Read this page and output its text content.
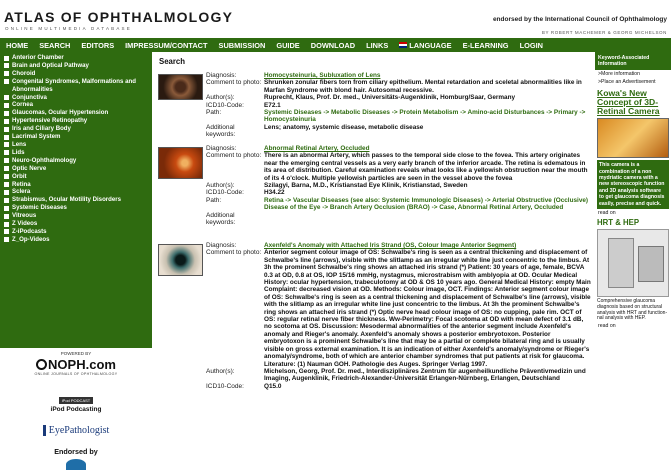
ATLAS OF OPHTHALMOLOGY
ONLINE MULTIMEDIA DATABASE
endorsed by the International Council of Ophthalmology
BY ROBERT MACHEMER & GEORG MICHELSON
HOME SEARCH EDITORS IMPRESSUM/CONTACT SUBMISSION GUIDE DOWNLOAD LINKS	LANGUAGE E-LEARNING LOGIN
Anterior Chamber
Brain and Optical Pathway
Choroid
Congenital Syndromes, Malformations and Abnormalities
Conjunctiva
Cornea
Glaucomas, Ocular Hypertension
Hypertensive Retinopathy
Iris and Ciliary Body
Lacrimal System
Lens
Lids
Neuro-Ophthalmology
Optic Nerve
Orbit
Retina
Sclera
Strabismus, Ocular Motility Disorders
Systemic Diseases
Vitreous
Z Videos
Z-iPodcasts
Z_Op-Videos
POWERED BY
NOPH.com
ONLINE JOURNALS OF OPHTHALMOLOGY
iPod PODCAST
iPod Podcasting
EyePathologist
Endorsed by
Search
Diagnosis:	Homocysteinuria, Subluxation of Lens
Comment to photo: Shrunken zonular fibers torn from ciliary epithelium. Mental retardation and sceletal abnormalities like in Marfan Syndrome with blond hair. Autosomal recessive.
Author(s):	Ruprecht, Klaus, Prof. Dr. med., Universitäts-Augenklinik, Homburg/Saar, Germany
ICD10-Code:	E72.1
Path:	Systemic Diseases -> Metabolic Diseases -> Protein Metabolism -> Amino-acid Disturbances -> Primary -> Homocysteinuria
Additional keywords:
Lens; anatomy, systemic disease, metabolic disease
Diagnosis:	Abnormal Retinal Artery, Occluded
Comment to photo: There is an abnormal Artery, which passes to the temporal side close to the fovea. This artery originates near the emerging central vessels as a very early branch of the inferior arcade. The retina is edematous in its area of distribution. Careful examination reveals what looks like a yellowish obstruction near the mouth of its 4 o'clock. Multiple yellowish particles are seen in the vessel above the fovea
Author(s):	Szilagyi, Barna, M.D., Kristianstad Eye Klinik, Kristianstad, Sweden
ICD10-Code:	H34.22
Path:	Retina -> Vascular Diseases (see also: Systemic Immunologic Diseases) -> Arterial Obstructive (Occlusive) Disease of the Eye -> Branch Artery Occlusion (BRAO) -> Case, Abnormal Retinal Artery, Occluded
Additional keywords:
Diagnosis:	Axenfeld's Anomaly with Attached Iris Strand (OS, Colour Image Anterior Segment)
Comment to photo: Anterior segment colour image of OS: Schwalbe's ring is seen as a central thickening and displacement of Schwalbe's line (arrows), visible with the slitlamp as an irregular white line just concentric to the limbus. At 3h the prominent Schwalbe's ring shows an attached iris strand (*) Patient: 30 years of age, female, BCVA 0.3 at OD, 0.8 at OS, IOP 15/16 mmHg, nystagmus, microstrabism with amblyopia at OD. Ocular Medical History: ocular hypertension, trabeculotomy at OD & OS 10 years ago. General Medical History: empty Main Complaint: decreased vision at OD. Methods: Colour image, OCT. Findings: Anterior segment colour image of OS: Schwalbe's ring is seen as a central thickening and displacement of Schwalbe's line (arrows), visible with the slitlamp as an irregular white line just concentric to the limbus. At 3h the prominent Schwalbe's ring shows an attached iris strand (*) Optic nerve head colour image of OS: no cupping, pale rim. OCT of OS: regular retinal nerve fiber thickness. Ww-Perimetry: Focal scotoma at OD with mean defect of 3.1 dB, no scotoma at OS. Discussion: Mesodermal abnormalities of the anterior segment include Axenfeld's anomaly and Rieger's anomaly. Axenfeld's anomaly shows a posterior embryotoxon. Posterior embryotoxon is a prominent Schwalbe's line that may be a partial or complete bilateral ring and is usually visible on gross external examination. It is an indication of either Axenfeld's anomaly/syndrome or Rieger's anomaly/syndrome, both of which are anterior chamber syndromes that put patients at risk for glaucoma. Literature: (1) Nauman GOH. Pathologie des Auges. Springer Verlag 1997.
Author(s):	Michelson, Georg, Prof. Dr. med., Interdisziplinäres Zentrum für augenheilkundliche Präventivmedizin und Imaging, Augenklinik, Friedrich-Alexander-Universität Erlangen-Nürnberg, Erlangen, Deutschland
ICD10-Code:	Q15.0
Keyword-Associated Information
>More information
>Place an Advertisement
Kowa's New Concept of 3D-Retinal Camera
This camera is a combination of a non mydriatic camera with a new stereoscopic function and 3D analysis software to get glaucoma diagnosis easily, precise and quick.
read on
HRT & HEP
Comprehensive glaucoma diagnosis based on structural analysis with HRT and function- nal analysis with HEP.
read on
